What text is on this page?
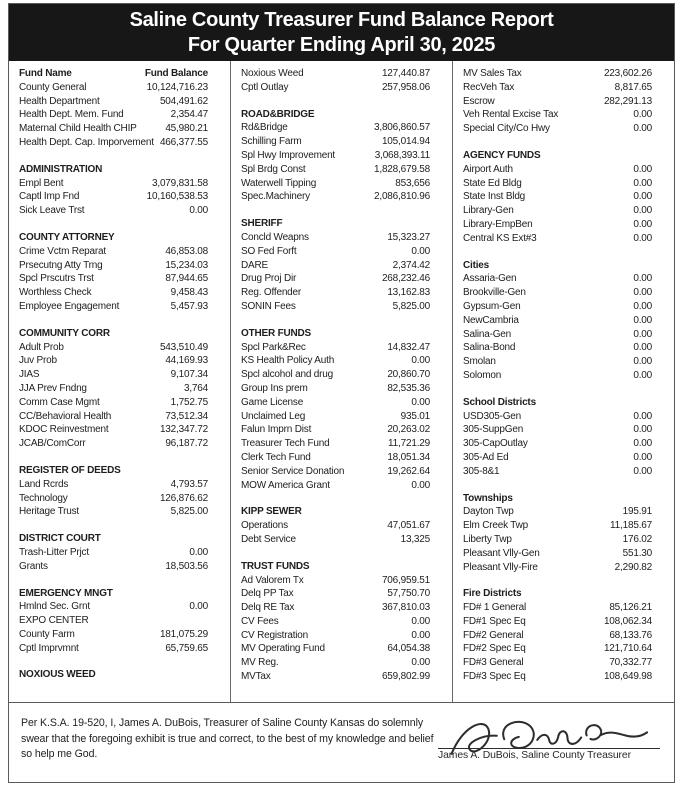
Saline County Treasurer Fund Balance Report
For Quarter Ending April 30, 2025
Fund Name	Fund Balance
County General	10,124,716.23
Health Department	504,491.62
Health Dept. Mem. Fund	2,354.47
Maternal Child Health CHIP	45,980.21
Health Dept. Cap. Imporvement 466,377.55
ADMINISTRATION
Empl Bent	3,079,831.58
Captl Imp Fnd	10,160,538.53
Sick Leave Trst	0.00
COUNTY ATTORNEY
Crime Vctm Reparat	46,853.08
Prsecutng Atty Trng	15,234.03
Spcl Prscutrs Trst	87,944.65
Worthless Check	9,458.43
Employee Engagement	5,457.93
COMMUNITY CORR
Adult Prob	543,510.49
Juv Prob	44,169.93
JIAS	9,107.34
JJA Prev Fndng	3,764
Comm Case Mgmt	1,752.75
CC/Behavioral Health	73,512.34
KDOC Reinvestment	132,347.72
JCAB/ComCorr	96,187.72
REGISTER OF DEEDS
Land Rcrds	4,793.57
Technology	126,876.62
Heritage Trust	5,825.00
DISTRICT COURT
Trash-Litter Prjct	0.00
Grants	18,503.56
EMERGENCY MNGT
Hmlnd Sec. Grnt	0.00
EXPO CENTER
County Farm	181,075.29
Cptl Imprvmnt	65,759.65
NOXIOUS WEED
Noxious Weed	127,440.87
Cptl Outlay	257,958.06
ROAD&BRIDGE
Rd&Bridge	3,806,860.57
Schilling Farm	105,014.94
Spl Hwy Improvement	3,068,393.11
Spl Brdg Const	1,828,679.58
Waterwell Tipping	853,656
Spec.Machinery	2,086,810.96
SHERIFF
Concld Weapns	15,323.27
SO Fed Forft	0.00
DARE	2,374.42
Drug Proj Dir	268,232.46
Reg. Offender	13,162.83
SONIN Fees	5,825.00
OTHER FUNDS
Spcl Park&Rec	14,832.47
KS Health Policy Auth	0.00
Spcl alcohol and drug	20,860.70
Group Ins prem	82,535.36
Game License	0.00
Unclaimed Leg	935.01
Falun Imprn Dist	20,263.02
Treasurer Tech Fund	11,721.29
Clerk Tech Fund	18,051.34
Senior Service Donation	19,262.64
MOW America Grant	0.00
KIPP SEWER
Operations	47,051.67
Debt Service	13,325
TRUST FUNDS
Ad Valorem Tx	706,959.51
Delq PP Tax	57,750.70
Delq RE Tax	367,810.03
CV Fees	0.00
CV Registration	0.00
MV Operating Fund	64,054.38
MV Reg.	0.00
MVTax	659,802.99
MV Sales Tax	223,602.26
RecVeh Tax	8,817.65
Escrow	282,291.13
Veh Rental Excise Tax	0.00
Special City/Co Hwy	0.00
AGENCY FUNDS
Airport Auth	0.00
State Ed Bldg	0.00
State Inst Bldg	0.00
Library-Gen	0.00
Library-EmpBen	0.00
Central KS Ext#3	0.00
Cities
Assaria-Gen	0.00
Brookville-Gen	0.00
Gypsum-Gen	0.00
NewCambria	0.00
Salina-Gen	0.00
Salina-Bond	0.00
Smolan	0.00
Solomon	0.00
School Districts
USD305-Gen	0.00
305-SuppGen	0.00
305-CapOutlay	0.00
305-Ad Ed	0.00
305-8&1	0.00
Townships
Dayton Twp	195.91
Elm Creek Twp	11,185.67
Liberty Twp	176.02
Pleasant Vlly-Gen	551.30
Pleasant Vlly-Fire	2,290.82
Fire Districts
FD# 1 General	85,126.21
FD#1 Spec Eq	108,062.34
FD#2 General	68,133.76
FD#2 Spec Eq	121,710.64
FD#3 General	70,332.77
FD#3 Spec Eq	108,649.98

Per K.S.A. 19-520, I, James A. DuBois, Treasurer of Saline County Kansas do solemnly swear that the foregoing exhibit is true and correct, to the best of my knowledge and belief so help me God.	James A. DuBois, Saline County Treasurer
